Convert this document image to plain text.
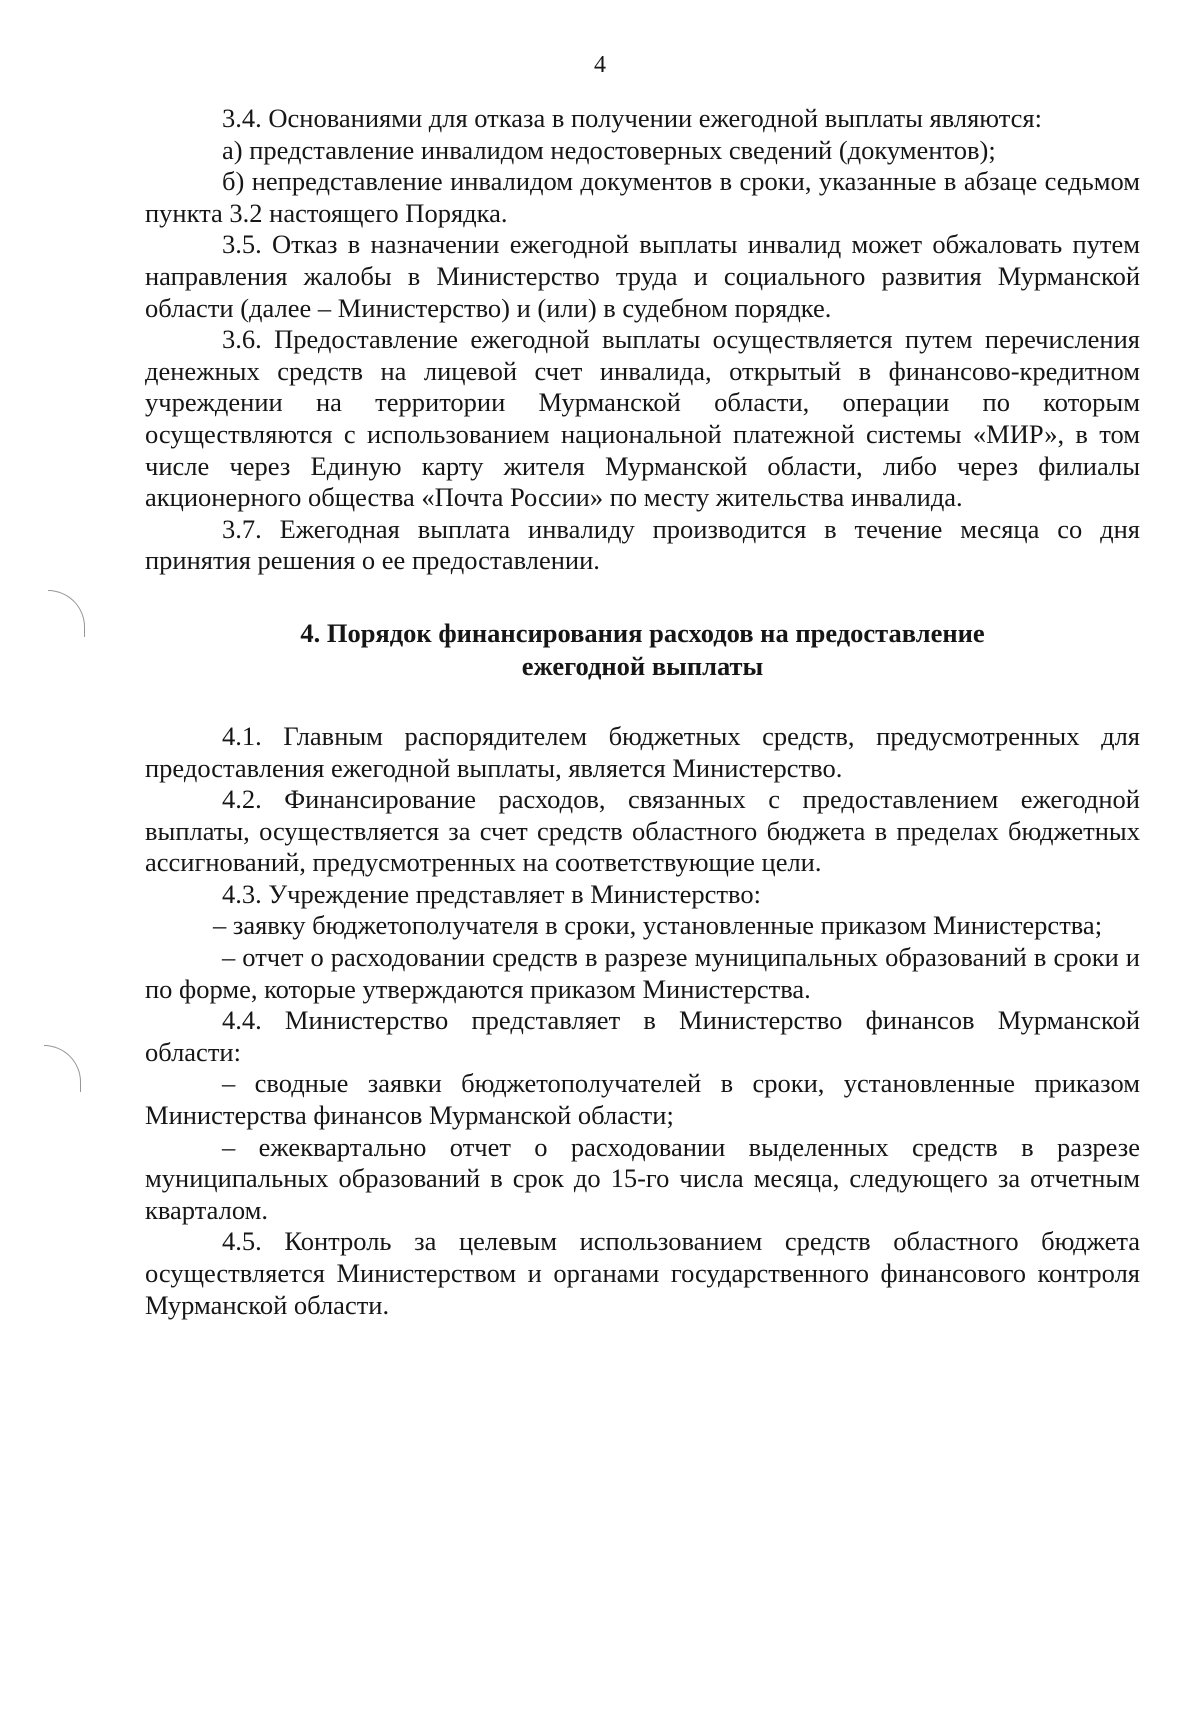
4

3.4. Основаниями для отказа в получении ежегодной выплаты являются:

а) представление инвалидом недостоверных сведений (документов);

б) непредставление инвалидом документов в сроки, указанные в абзаце седьмом пункта 3.2 настоящего Порядка.

3.5. Отказ в назначении ежегодной выплаты инвалид может обжаловать путем направления жалобы в Министерство труда и социального развития Мурманской области (далее – Министерство) и (или) в судебном порядке.

3.6. Предоставление ежегодной выплаты осуществляется путем перечисления денежных средств на лицевой счет инвалида, открытый в финансово-кредитном учреждении на территории Мурманской области, операции по которым осуществляются с использованием национальной платежной системы «МИР», в том числе через Единую карту жителя Мурманской области, либо через филиалы акционерного общества «Почта России» по месту жительства инвалида.

3.7. Ежегодная выплата инвалиду производится в течение месяца со дня принятия решения о ее предоставлении.

4. Порядок финансирования расходов на предоставление
ежегодной выплаты

4.1. Главным распорядителем бюджетных средств, предусмотренных для предоставления ежегодной выплаты, является Министерство.

4.2. Финансирование расходов, связанных с предоставлением ежегодной выплаты, осуществляется за счет средств областного бюджета в пределах бюджетных ассигнований, предусмотренных на соответствующие цели.

4.3. Учреждение представляет в Министерство:

– заявку бюджетополучателя в сроки, установленные приказом Министерства;

– отчет о расходовании средств в разрезе муниципальных образований в сроки и по форме, которые утверждаются приказом Министерства.

4.4. Министерство представляет в Министерство финансов Мурманской области:

– сводные заявки бюджетополучателей в сроки, установленные приказом Министерства финансов Мурманской области;

– ежеквартально отчет о расходовании выделенных средств в разрезе муниципальных образований в срок до 15-го числа месяца, следующего за отчетным кварталом.

4.5. Контроль за целевым использованием средств областного бюджета осуществляется Министерством и органами государственного финансового контроля Мурманской области.
